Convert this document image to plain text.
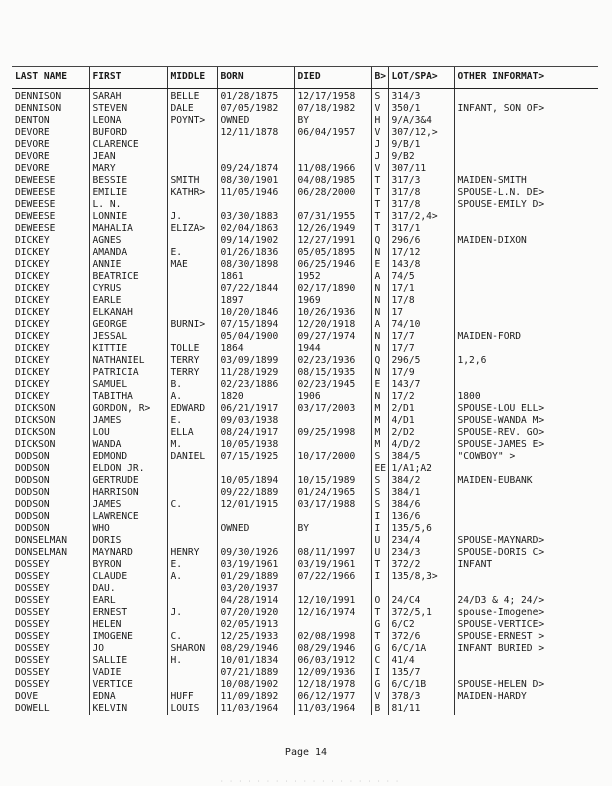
LAST NAME	FIRST	MIDDLE	BORN	DIED	B>	LOT/SPA>	OTHER INFORMAT>
DENNISON	SARAH	BELLE	01/28/1875	12/17/1958	S	314/3	
DENNISON	STEVEN	DALE	07/05/1982	07/18/1982	V	350/1	INFANT, SON OF>
DENTON	LEONA	POYNT>	OWNED	BY	H	9/A/3&4	
DEVORE	BUFORD		12/11/1878	06/04/1957	V	307/12,>	
DEVORE	CLARENCE				J	9/B/1	
DEVORE	JEAN				J	9/B2	
DEVORE	MARY		09/24/1874	11/08/1966	V	307/11	
DEWEESE	BESSIE	SMITH	08/30/1901	04/08/1985	T	317/3	MAIDEN-SMITH
DEWEESE	EMILIE	KATHR>	11/05/1946	06/28/2000	T	317/8	SPOUSE-L.N. DE>
DEWEESE	L. N.				T	317/8	SPOUSE-EMILY D>
DEWEESE	LONNIE	J.	03/30/1883	07/31/1955	T	317/2,4>	
DEWEESE	MAHALIA	ELIZA>	02/04/1863	12/26/1949	T	317/1	
DICKEY	AGNES		09/14/1902	12/27/1991	Q	296/6	MAIDEN-DIXON
DICKEY	AMANDA	E.	01/26/1836	05/05/1895	N	17/12	
DICKEY	ANNIE	MAE	08/30/1898	06/25/1946	E	143/8	
DICKEY	BEATRICE		1861	1952	A	74/5	
DICKEY	CYRUS		07/22/1844	02/17/1890	N	17/1	
DICKEY	EARLE		1897	1969	N	17/8	
DICKEY	ELKANAH		10/20/1846	10/26/1936	N	17	
DICKEY	GEORGE	BURNI>	07/15/1894	12/20/1918	A	74/10	
DICKEY	JESSAL		05/04/1900	09/27/1974	N	17/7	MAIDEN-FORD
DICKEY	KITTIE	TOLLE	1864	1944	N	17/7	
DICKEY	NATHANIEL	TERRY	03/09/1899	02/23/1936	Q	296/5	1,2,6
DICKEY	PATRICIA	TERRY	11/28/1929	08/15/1935	N	17/9	
DICKEY	SAMUEL	B.	02/23/1886	02/23/1945	E	143/7	
DICKEY	TABITHA	A.	1820	1906	N	17/2	1800
DICKSON	GORDON, R>	EDWARD	06/21/1917	03/17/2003	M	2/D1	SPOUSE-LOU ELL>
DICKSON	JAMES	E.	09/03/1938		M	4/D1	SPOUSE-WANDA M>
DICKSON	LOU	ELLA	08/24/1917	09/25/1998	M	2/D2	SPOUSE-REV. GO>
DICKSON	WANDA	M.	10/05/1938		M	4/D/2	SPOUSE-JAMES E>
DODSON	EDMOND	DANIEL	07/15/1925	10/17/2000	S	384/5	"COWBOY" >
DODSON	ELDON JR.				EE	1/A1;A2	
DODSON	GERTRUDE		10/05/1894	10/15/1989	S	384/2	MAIDEN-EUBANK
DODSON	HARRISON		09/22/1889	01/24/1965	S	384/1	
DODSON	JAMES	C.	12/01/1915	03/17/1988	S	384/6	
DODSON	LAWRENCE				I	136/6	
DODSON	WHO		OWNED	BY	I	135/5,6	
DONSELMAN	DORIS				U	234/4	SPOUSE-MAYNARD>
DONSELMAN	MAYNARD	HENRY	09/30/1926	08/11/1997	U	234/3	SPOUSE-DORIS C>
DOSSEY	BYRON	E.	03/19/1961	03/19/1961	T	372/2	INFANT
DOSSEY	CLAUDE	A.	01/29/1889	07/22/1966	I	135/8,3>	
DOSSEY	DAU.		03/20/1937				
DOSSEY	EARL		04/28/1914	12/10/1991	O	24/C4	24/D3 & 4; 24/>
DOSSEY	ERNEST	J.	07/20/1920	12/16/1974	T	372/5,1	spouse-Imogene>
DOSSEY	HELEN		02/05/1913		G	6/C2	SPOUSE-VERTICE>
DOSSEY	IMOGENE	C.	12/25/1933	02/08/1998	T	372/6	SPOUSE-ERNEST >
DOSSEY	JO	SHARON	08/29/1946	08/29/1946	G	6/C/1A	INFANT BURIED >
DOSSEY	SALLIE	H.	10/01/1834	06/03/1912	C	41/4	
DOSSEY	VADIE		07/21/1889	12/09/1936	I	135/7	
DOSSEY	VERTICE		10/08/1902	12/18/1978	G	6/C/1B	SPOUSE-HELEN D>
DOVE	EDNA	HUFF	11/09/1892	06/12/1977	V	378/3	MAIDEN-HARDY
DOWELL	KELVIN	LOUIS	11/03/1964	11/03/1964	B	81/11	
Page 14
· · · · · · · · · · · · · · · · · · · ·
